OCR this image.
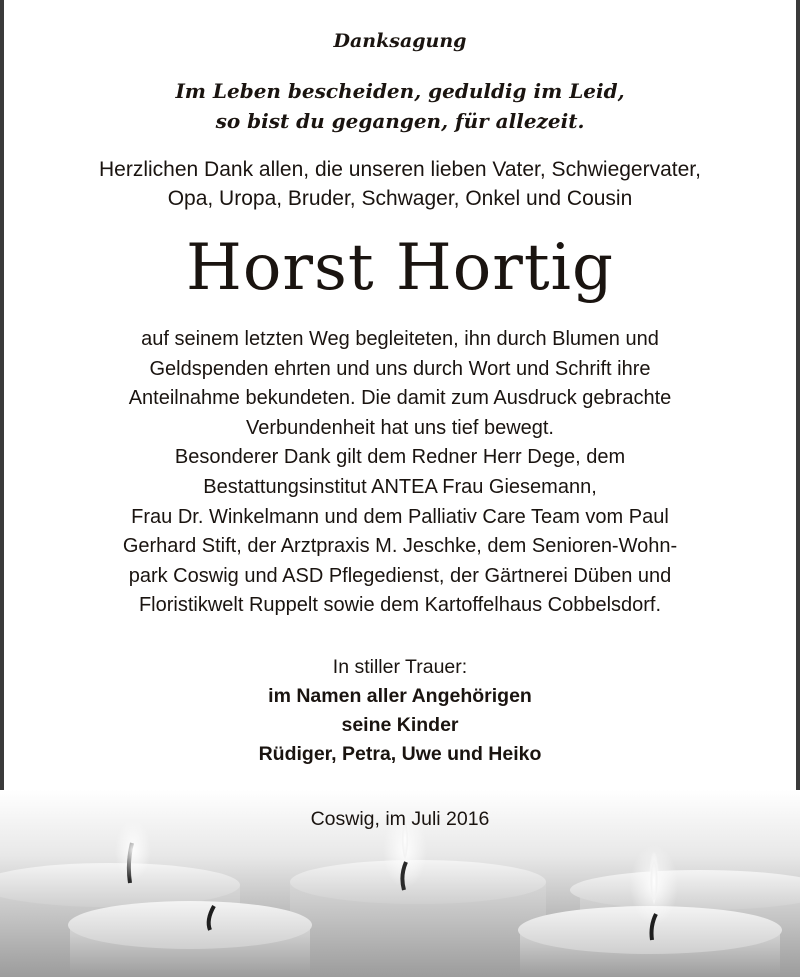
Danksagung
Im Leben bescheiden, geduldig im Leid,
so bist du gegangen, für allezeit.
Herzlichen Dank allen, die unseren lieben Vater, Schwiegervater,
Opa, Uropa, Bruder, Schwager, Onkel und Cousin
Horst Hortig
auf seinem letzten Weg begleiteten, ihn durch Blumen und
Geldspenden ehrten und uns durch Wort und Schrift ihre
Anteilnahme bekundeten. Die damit zum Ausdruck gebrachte
Verbundenheit hat uns tief bewegt.
Besonderer Dank gilt dem Redner Herr Dege, dem
Bestattungsinstitut ANTEA Frau Giesemann,
Frau Dr. Winkelmann und dem Palliativ Care Team vom Paul
Gerhard Stift, der Arztpraxis M. Jeschke, dem Senioren-Wohn-
park Coswig und ASD Pflegedienst, der Gärtnerei Düben und
Floristikwelt Ruppelt sowie dem Kartoffelhaus Cobbelsdorf.
In stiller Trauer:
im Namen aller Angehörigen
seine Kinder
Rüdiger, Petra, Uwe und Heiko
Coswig, im Juli 2016
